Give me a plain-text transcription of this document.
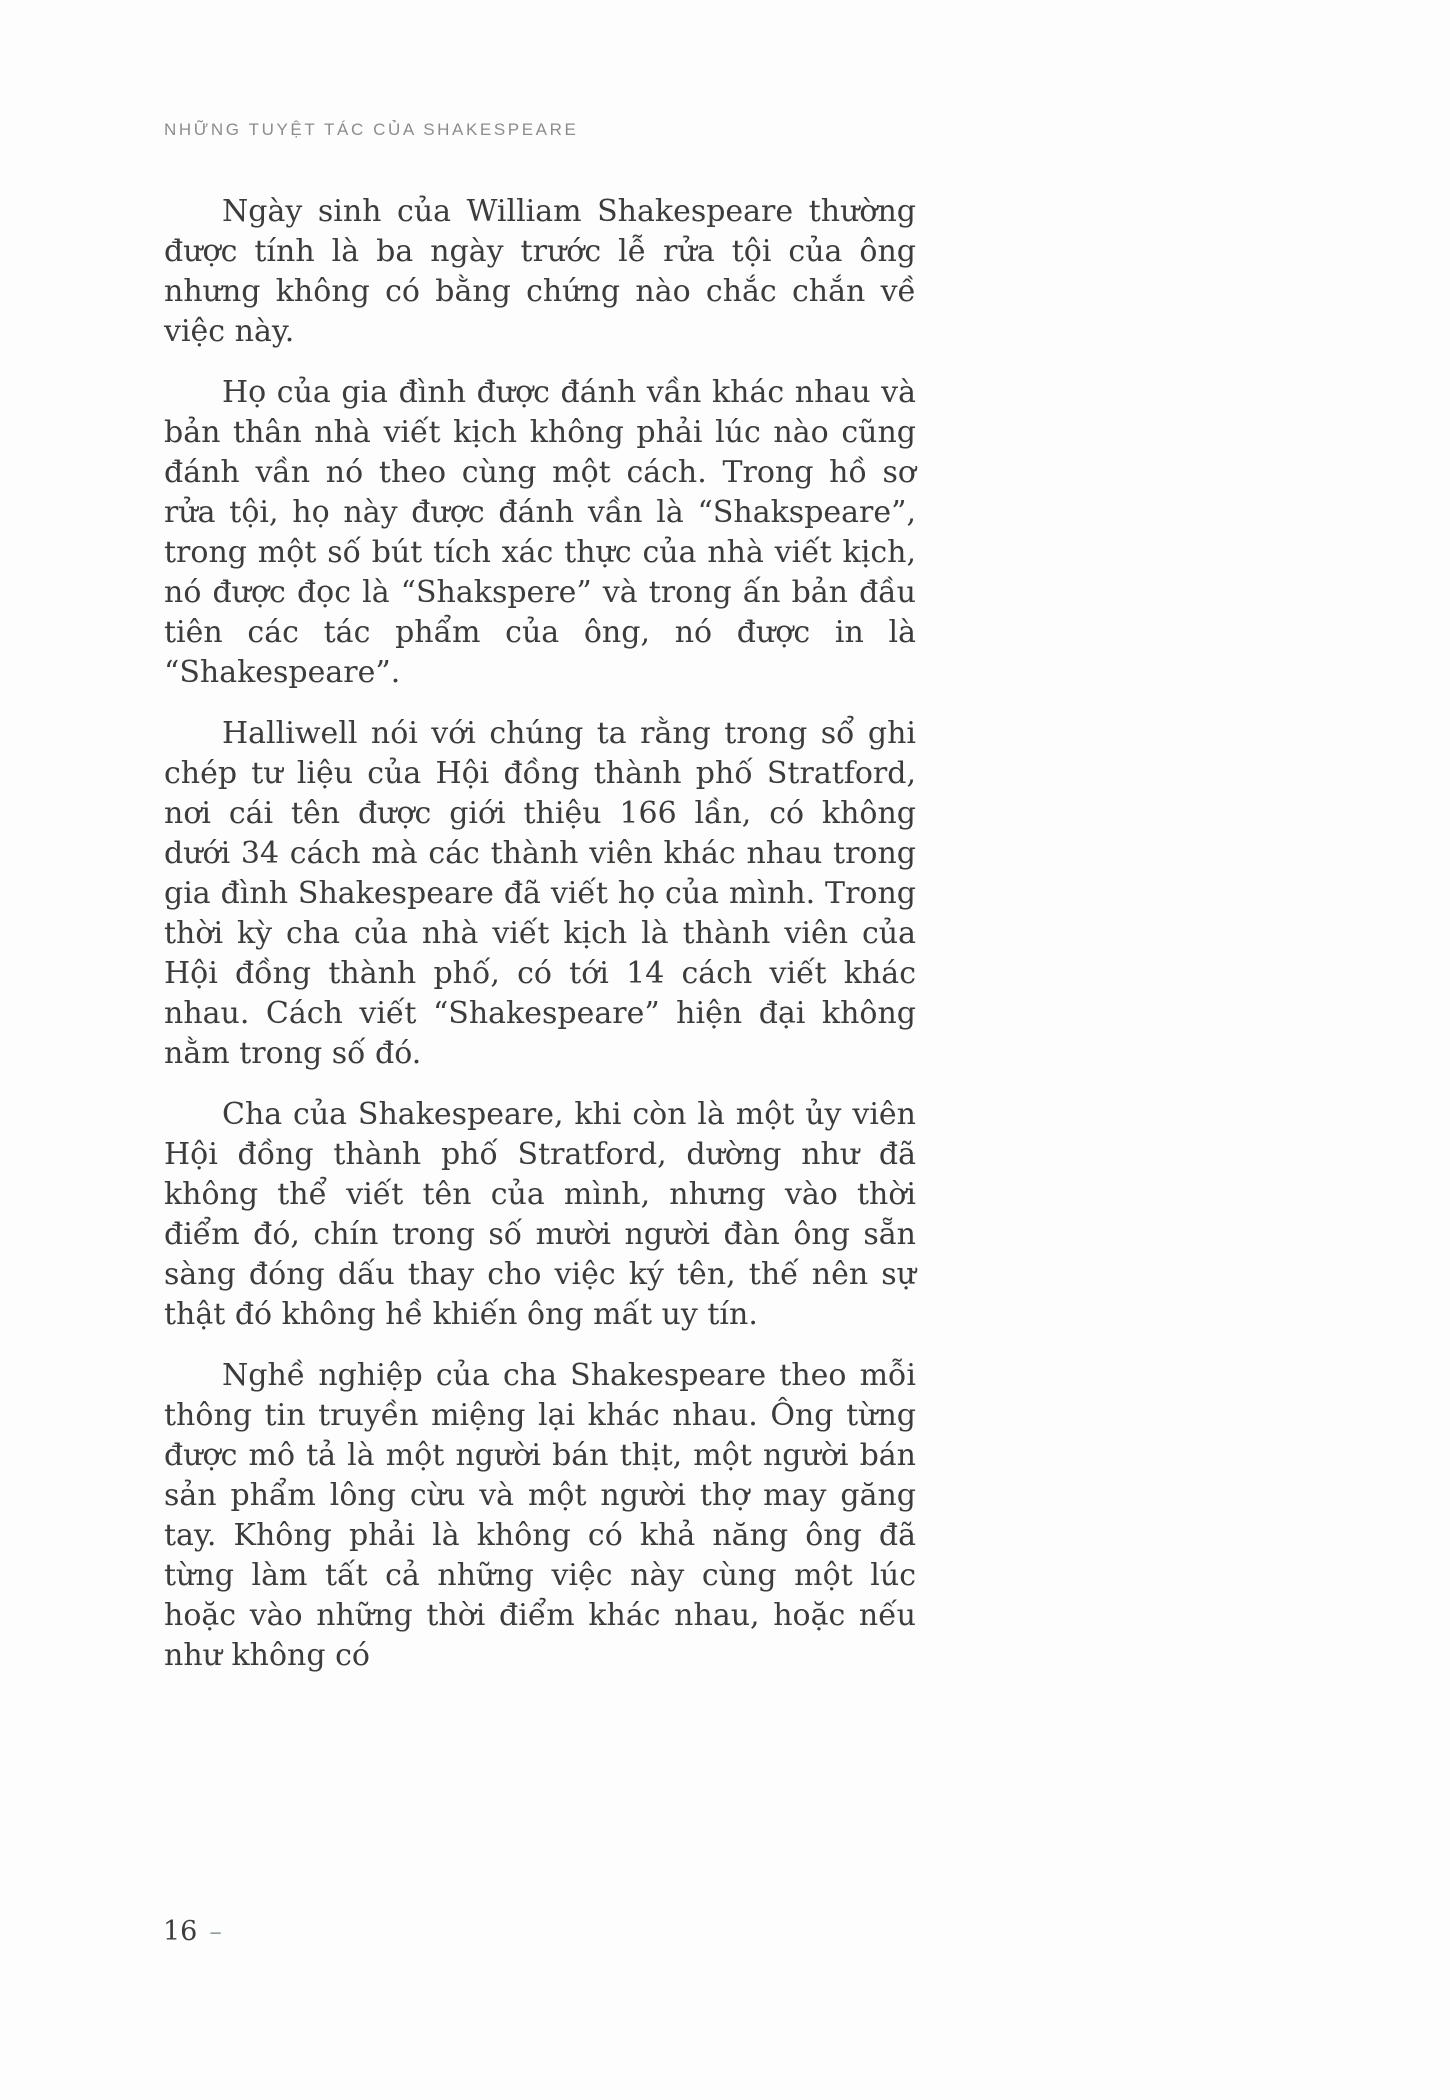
NHỮNG TUYỆT TÁC CỦA SHAKESPEARE

Ngày sinh của William Shakespeare thường được tính là ba ngày trước lễ rửa tội của ông nhưng không có bằng chứng nào chắc chắn về việc này.

Họ của gia đình được đánh vần khác nhau và bản thân nhà viết kịch không phải lúc nào cũng đánh vần nó theo cùng một cách. Trong hồ sơ rửa tội, họ này được đánh vần là “Shakspeare”, trong một số bút tích xác thực của nhà viết kịch, nó được đọc là “Shakspere” và trong ấn bản đầu tiên các tác phẩm của ông, nó được in là “Shakespeare”.

Halliwell nói với chúng ta rằng trong sổ ghi chép tư liệu của Hội đồng thành phố Stratford, nơi cái tên được giới thiệu 166 lần, có không dưới 34 cách mà các thành viên khác nhau trong gia đình Shakespeare đã viết họ của mình. Trong thời kỳ cha của nhà viết kịch là thành viên của Hội đồng thành phố, có tới 14 cách viết khác nhau. Cách viết “Shakespeare” hiện đại không nằm trong số đó.

Cha của Shakespeare, khi còn là một ủy viên Hội đồng thành phố Stratford, dường như đã không thể viết tên của mình, nhưng vào thời điểm đó, chín trong số mười người đàn ông sẵn sàng đóng dấu thay cho việc ký tên, thế nên sự thật đó không hề khiến ông mất uy tín.

Nghề nghiệp của cha Shakespeare theo mỗi thông tin truyền miệng lại khác nhau. Ông từng được mô tả là một người bán thịt, một người bán sản phẩm lông cừu và một người thợ may găng tay. Không phải là không có khả năng ông đã từng làm tất cả những việc này cùng một lúc hoặc vào những thời điểm khác nhau, hoặc nếu như không có

16 –
